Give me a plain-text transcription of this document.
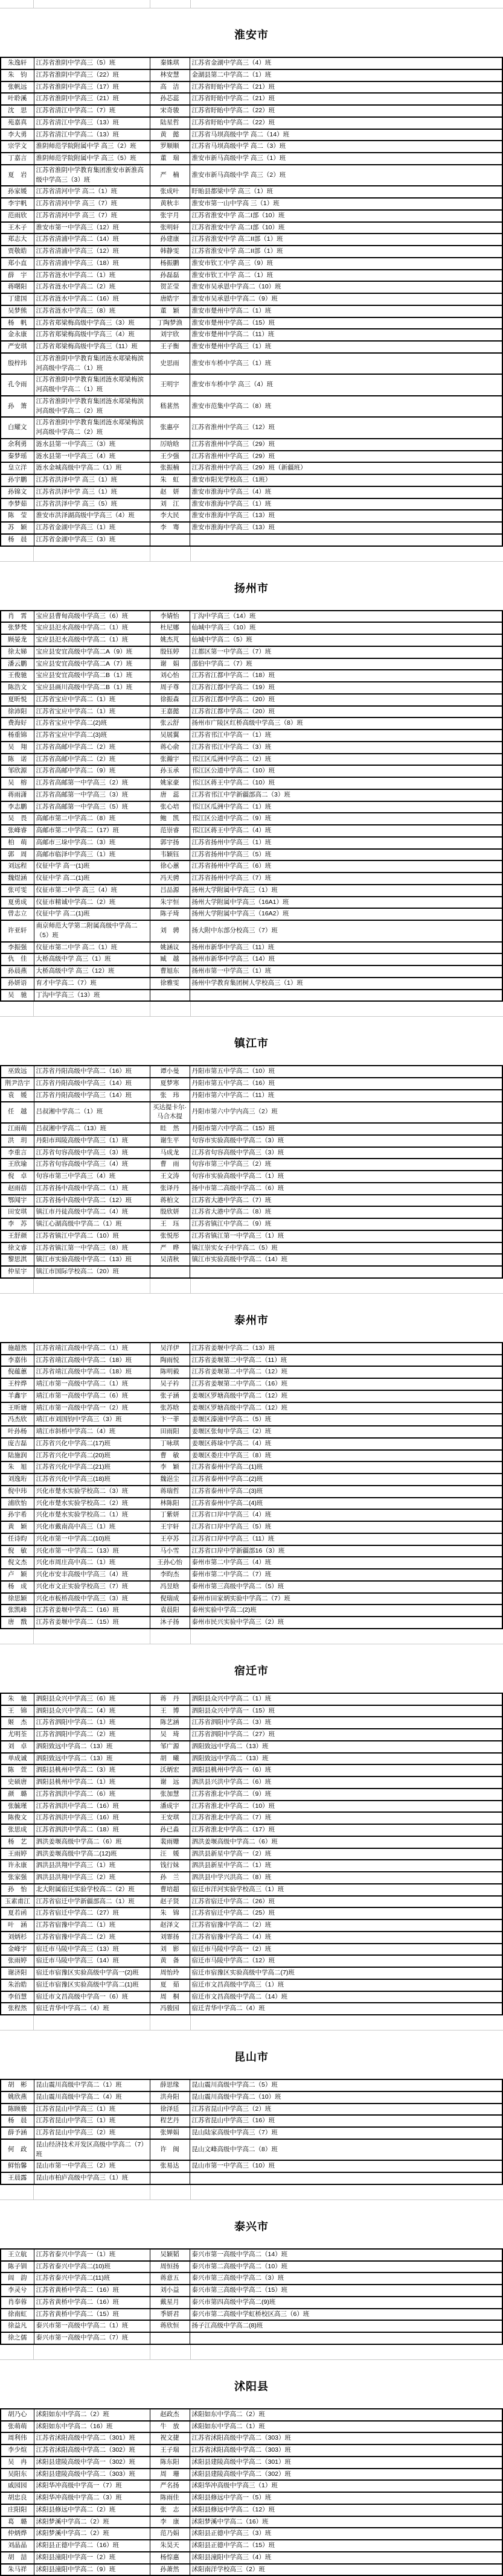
淮安市
朱逸轩	江苏省淮阴中学高三（5）班	秦姝琪	江苏省金湖中学高三（4）班
朱　钧	江苏省淮阴中学高三（22）班	林安慧	金湖县第二中学高二（1）班
张帆远	江苏省淮阴中学高三（17）班	高　洁	江苏省盱眙中学高二（21）班
叶聆溪	江苏省淮阴中学高三（21）班	孙芯蕊	江苏省盱眙中学高二（21）班
沈　思	江苏省清江中学高二（7）班	宋奇骏	江苏省盱眙中学高二（22）班
苑嘉真	江苏省清江中学高三（13）班	陆星哲	江苏省盱眙中学高二（22）班
李大勇	江苏省清江中学高二（13）班	黄　懿	江苏省马坝高级中学 高二（14）班
宗学文	淮阴师范学院附属中学 高三（2）班	罗顺顺	江苏省马坝高级中学 高二（3）班
丁嘉言	淮阴师范学院附属中学 高三（5）班	董　瑞	淮安市新马高级中学 高三（1）班
夏　岩	江苏省淮阴中学教育集团淮安市新淮高级中学高三（3）班	严　楠	淮安市新马高级中学 高三（2）班
孙家媛	江苏省清河中学 高二（1）班	张成叶	盱眙县都梁中学 高三（1）班
李宇帆	江苏省清河中学 高三（7）班	黄秋丰	淮安市第一山中学高 三（1）班
范雨欣	江苏省清河中学 高三（7）班	张宇月	江苏省淮安中学 高二I部（10）班
王木子	淮安市第一中学高三（12）班	张明轩	江苏省淮安中学 高二I部（10）班
郑志大	江苏省清浦中学高二（14）班	孙建康	江苏省淮安中学 高二II部（1）班
贾敬皓	江苏省清浦中学高三（12）班	韩静雯	江苏省淮安中学 高二II部（1）班
郑小直	江苏省清浦中学高三（18）班	杨振鹏	淮安市钦工中学 高三（9）班
薛　宇	江苏省涟水中学高二（1）班	孙磊磊	淮安市钦工中学 高二（1）班
蒋曙阳	江苏省涟水中学高二（2）班	贺芷莹	淮安市吴承恩中学高二（10）班
丁建国	江苏省涟水中学高二（16）班	唐皓宇	淮安市吴承恩中学高二（9）班
吴梦熊	江苏省涟水中学高三（8）班	董　颖	淮安市楚州中学高二（1）班
杨　帆	江苏省郑梁梅高级中学高三（3）班	丁陶梦渔	淮安市楚州中学高二（15）班
金永康	江苏省郑梁梅高级中学高三（4）班	刘宇欣	淮安市楚州中学高二（11）班
严安琪	江苏省郑梁梅高级中学高三（11）班	王子衡	淮安市楚州中学高三（1）班
殷梓玮	江苏省淮阴中学教育集团涟水郑梁梅滨河高级中学高二（1）班	史思雨	淮安市车桥中学高三（1）班
孔令雨	江苏省淮阴中学教育集团涟水郑梁梅滨河高级中学高二（1）班	王明宇	淮安市车桥中学 高三（4）班
孙　箫	江苏省淮阴中学教育集团涟水郑梁梅滨河高级中学高二（2）班	嵇葚然	淮安市范集中学高二（8）班
白耀文	江苏省淮阴中学教育集团涟水郑梁梅滨河高级中学高二（2）班	张惠亭	江苏省淮州中学高三（12）班
余利勇	涟水县第一中学高三（3）班	厉晗晗	江苏省淮州中学高三（29）班
秦梦瑶	涟水县第一中学高三（4）班	王少强	江苏省淮州中学高三（29）班
皇立洋	涟水金城高级中学高二（1）班	张振楠	江苏省淮州中学高三（29）班（新疆班）
孙宇鹏	江苏省洪泽中学 高三（1）班	朱　虹	淮安市阳光学校高三（1班）
孙锦文	江苏省洪泽中学 高三（1）班	赵　妍	淮安市淮海中学高三（4）班
李梦茹	江苏省洪泽中学 高三（5）班	刘　江	淮安市淮海中学高三（1）班
陈　莹	淮安市洪泽湖高级中学高三（4）班	李大民	淮安市淮海中学高三（13）班
苏　颖	江苏省金湖中学高三（1）班	李　骞	淮安市淮海中学高三（13）班
杨　晨	江苏省金湖中学高三（3）班		
扬州市
肖　霄	宝应县曹甸高级中学高三（6）班	李婧怡	丁沟中学高三（14）班
张梦梵	宝应县氾水高级中学高二（1）班	杜尼娜	仙城中学高三（10）班
顾晏龙	宝应县氾水高级中学高二（1）班	姚杰芃	仙城中学高二（5）班
徐太娣	宝应县安宜高级中学高二A（9）班	殷钰婷	江都区第一中学高三（7）班
潘云鹏	宝应县安宜高级中学高二A（7）班	谢　娟	邵伯中学高二（7）班
王俊驰	宝应县安宜高级中学高二B（1）班	刘心怡	江苏省江都中学高二（18）班
陈浩文	宝应县画川高级中学高二B（1）班	周子尊	江苏省江都中学高二（19）班
夏昕悦	江苏省宝应中学高二（1）班	徐振森	江苏省江都中学高二（20）班
徐沛阳	江苏省宝应中学高二（1）班	王嘉懿	江苏省江都中学高二（20）班
费海好	江苏省宝应中学高二(2)班	张云舒	扬州市广陵区红桥高级中学高三（8）班
杨重锦	江苏省宝应中学高二(3)班	吴展翼	江苏省邗江中学高一（1）班
吴　翔	江苏省高邮中学高二（2）班	蒋心俞	江苏省邗江中学高二（3）班
陈　诺	江苏省高邮中学高二（2）班	张瀚宇	邗江区瓜洲中学高二（2）班
邹欣源	江苏省高邮中学高二（9）班	孙玉承	邗江区公道中学高二（10）班
吴　榕	江苏省高邮第一中学高三（2）班	姚家豪	邗江区蒋王中学高二（10）班
蒋雨潇	江苏省高邮第一中学高三（3）班	唐　蕊	江苏省邗江中学新疆部高二（3）班
李志鹏	江苏省高邮第一中学高三（5）班	张心培	邗江区瓜洲中学高二（1）班
吴　畏	高邮市第二中学高二（8）班	鲍　凯	邗江区公道中学高二（9）班
张峰睿	高邮市第二中学高二（17）班	范崇睿	邗江区蒋王中学高二（4）班
柏　萌	高邮市三垛中学高二（3）班	郭宇扬	江苏省扬州中学高三（1）班
郭　周	高邮市临泽中学高三（1）班	韦颖钰	江苏省扬州中学高三（5）班
刘远程	仪征中学 高一(1)班	徐心蕙	江苏省扬州中学高三（6）班
魏煜涵	仪征中学 高二(1)班	冯天骋	江苏省扬州中学高三（7）班
张可雯	仪征市第二中学 高三（4）班	吕品源	扬州大学附属中学高三（1）班
夏勇成	仪征市精诚中学高二（2）班	朱宇恒	扬州大学附属中学高三（16A1）班
曾志立	仪征中学 高二(1)班	陈子琦	扬州大学附属中学高三（16A2）班
许亚轩	南京师范大学第二附属高级中学高二（5）班	刘　骋	扬大附中东部分校高三（7）班
李振强	仪征市第二中学 高二（1）班	姚涵议	扬州市新华中学高三（11）班
仇　佳	大桥高级中学 高三（1）班	臧　越	扬州市新华中学高三（14）班
孙晨燕	大桥高级中学 高三（12）班	曹旭东	扬州市第一中学高三（1）班
孙妍语	育才中学高二（7）班	徐雅雯	扬州中学教育集团树人学校高三（1）班
吴　驰	丁沟中学高三（13）班		
镇江市
巫致远	江苏省丹阳高级中学高二（16）班	谭小曼	丹阳市第五中学高二（10）班
荆尹浩宇	江苏省丹阳高级中学高三（14）班	夏梦寒	丹阳市第五中学高二（16）班
袁　媛	江苏省丹阳高级中学高三（14）班	张　玮	丹阳市第六中学高二（11）班
任　越	吕叔湘中学高二（1）班	买达提卡尔·马合木提	丹阳市第六中学内高三（2）班
江雨萌	吕叔湘中学高二（13）班	眭　然	丹阳市第六中学高二（15）班
洪　玥	丹阳市珥陵高级中学高三（1）班	谢生平	句容市实验高级中学高二（3）班
李重言	江苏省句容高级中学高三（3）班	马成龙	江苏省句容高级中学高三（3）班
王欣瑜	江苏省句容高级中学高三（4）班	曹　雨	句容市第三中学高三（2）班
倪　卓	句容市第三中学高三（4）班	王文涛	句容市实验高级中学高二（1）班
赵雨蓓	江苏省扬中高级中学高二（1）班	张译丹	扬中市第二高级中学高二（6）班
鄂闻宇	江苏省扬中高级中学高二（12）班	蒋柏文	江苏省大港中学高二（7）班
田安琪	镇江市丹徒高级中学高二（4）班	殷欣妍	江苏省大港中学高二（8）班
李　苏	镇江心湖高级中学高二（1）班	王　珏	江苏省镇江中学高二（9）班
王舒颜	江苏省镇江中学高二（10）班	张悦彤	江苏省镇江第一中学高三（1）班
徐文睿	江苏省镇江第一中学高三（8）班	严　晔	镇江崇实女子中学高二（5）班
黎思淇	镇江市实验高级中学高二（13）班	吴清秋	镇江市实验高级中学高二（14）班
仲星宇	镇江市国际学校高二（20）班		
泰州市
施超然	江苏省靖江高级中学高二（1）班	吴洋伊	江苏省姜堰中学高二（13）班
李嘉伟	江苏省靖江高级中学高二（18）班	陶雨悦	江苏省姜堰第二中学高二（11）班
倪蕴蕙	江苏省靖江高级中学高二（18）班	陈明毅	江苏省姜堰第二中学高二（12）班
王梓烨	靖江市第一高级中学高二（1）班	吴子衿	江苏省姜堰第二中学高二（16）班
羊鑫宇	靖江市第一高级中学高二（6）班	张子涵	姜堰区罗塘高级中学高二（12）班
王昕瑭	靖江市第一高级中学高一（2）班	张苏晗	姜堰区罗塘高级中学高二（12）班
冯杰欣	靖江市刘国钧中学高三（3）班	卞一菲	姜堰区溱潼中学高二（5）班
叶孙杨	靖江市斜桥中学高二（4）班	田雨阳	姜堰区张甸中学高三（2）班
庞吉磊	江苏省兴化中学高二(17)班	丁咏琪	姜堰区蒋垛中学高二（4）班
陆施润	江苏省兴化中学高二(20)班	曹　敏	姜堰区娄庄中学高三（8）班
朱　旭	江苏省兴化中学高二(21)班	李　颖	江苏省泰州中学高二(1)班
刘逸珩	江苏省兴化中学高三(18)班	魏浥尘	江苏省泰州中学高二(2)班
倪中玮	兴化市楚水实验学校高二（3）班	蒋瑞哲	江苏省泰州中学高二(3)班
浦欣怡	兴化市楚水实验学校高二（2）班	林陈阳	江苏省泰州中学高二(4)班
孙宇希	兴化市楚水实验学校高二（1）班	丁紫妍	江苏省口岸中学高三（4）班
黄　颖	兴化市戴南高中高三（1）班	王宇轩	江苏省口岸中学高三（5）班
任诗昀	兴化市第一中学高二(10)班	王亭苏	江苏省口岸中学高三（11）班
倪　敏	兴化市第一中学高二（13）班	马小雪	江苏省口岸中学新疆部16（3）班
倪文杰	兴化市周庄高中高二（1）班	王孙心怡	泰州市第二中学高三（4）班
卢　颖	兴化市安丰高级中学高三（4）班	李昀杰	泰州市第二中学高二（7）班
杨　成	兴化市文正实验学校高三（7）班	冯昱晗	泰州市第三高级中学高二（5）班
徐思颖	兴化市板桥高级中学高三（3）班	倪瑞成	泰州市田家炳实验中学高二（7）班
张凯峰	江苏省姜堰中学高二（16）班	袁晨阳	泰州实验中学高二(2)班
唐　戬	江苏省姜堰中学高二（15）班	沐子扬	泰州市民兴实验中学高三（2）班
宿迁市
朱　驰	泗阳县众兴中学高三（6）班	蒋　丹	泗阳县众兴中学高二（1）班
王　锦	泗阳县众兴中学高二（4）班	王　博	泗阳县众兴中学高一（15）班
姬　杰	江苏省泗阳中学高二（1）班	陈艺涵	江苏省泗阳中学高二（3）班
尤明荃	江苏省泗阳中学高二（2）班	吴　琦	江苏省泗阳中学高二（27）班
刘　卓	泗阳致远中学高二（13）班	邹广源	泗阳致远中学高二（13）班
单成诚	泗阳致远中学高二（13）班	胡　曦	泗阳致远中学高二（13）班
陈　萱	泗阳县桃州中学高二（3）班	沃炳宏	泗阳县桃州中学高一（6）班
史硕唐	泗阳县桃州中学高二（1）班	谢　远	泗洪县兴洪中学高二（6）班
颜　璐	江苏省泗洪中学高二（6）班	张加慧	江苏省淮北中学高二（9）班
张毓瑾	江苏省泗洪中学高二（16）班	潘成宇	江苏省淮北中学高二（10）班
陈俊文	江苏省泗洪中学高三（16）班	王安琪	江苏省淮北中学高二（7）班
张思成	江苏省泗洪中学高二（18）班	孙已淼	江苏省淮北中学高二（17）班
杨　艺	泗洪姜堰高级中学高二（6）班	裴雨姗	泗洪姜堰高级中学高二（6）班
王雨婷	泗洪姜堰高级中学高二(12)班	汪　媛	泗洪县新星中学高一（2）班
许永康	泗洪县洪翔中学高三（1）班	钱行妹	泗洪县新星中学高二（1）班
张家强	泗洪县洪翔中学高三（2）班	孙　兰	泗洪县中学兴洪高二（8）班
孙　怡	北大附属宿迁实验学校高二（2）班	曹培超	宿迁市洋河实验学校高三（1）班
玉素甫江	江苏省宿迁中学新疆部高二（1）班	赵子贤	江苏省宿迁中学高二（26）班
夏若函	江苏省宿迁中学高二（27）班	朱　锦	江苏省宿迁中学高二（25）班
叶　涵	江苏省宿豫中学高二（1）班	赵泽文	江苏省宿豫中学高二（2）班
刘炳杉	江苏省宿豫中学高二（2）班	刘霏扬	江苏省宿豫中学高二（4）班
金峰宇	宿迁市马陵中学高三（13）班	刘　影	宿迁市马陵中学高一（2）班
张雨婷	宿迁市马陵中学高三（14）班	黄　备	宿迁市马陵中学高二（12）班
谢济阳	宿迁市宿豫区实验高级中学高一(2)班	周怡玲	宿迁市宿豫区实验高级中学高二(7)班
朱治皓	宿迁市宿豫区实验高级中学高二(1)班	夏　茹	宿迁市文昌高级中学高三（1）班
李佰慧	宿迁市文昌高级中学高一（6）班	周　桐	宿迁市文昌高级中学高二（14）班
张程然	宿迁青华中学高二（4）班	冯骏园	宿迁青华中学高二（4）班
昆山市
胡　彬	昆山震川高级中学高二（1）班	薛思缘	昆山震川高级中学高二（5）班
姚欣燕	昆山震川高级中学高二（4）班	洪舟阳	昆山震川高级中学高二（10）班
陈顾骏	江苏省昆山中学高三（1）班	徐泽廷	江苏省昆山中学高三（2）班
杨　晨	江苏省昆山中学高三（1）班	程艺丹	江苏省昆山中学高三（16）班
薛予涵	江苏省昆山中学高三（2）班	张婵娟	昆山陆家高级中学高三（7）班
何　政	昆山经济技术开发区高级中学高二（7）班	许　闽	昆山文峰高级中学高二（8）班
鲜怡馨	昆山市第一中学高三（2）班	张易达	昆山市第一中学高三（10）班
王晨露	昆山市柏庐高级中学高三（1）班		
泰兴市
王立航	江苏省泰兴中学高一（1）班	吴颖韬	泰兴市第一高级中学高二（14）班
陈子钏	江苏省泰兴中学高二(10)班	周恒扬	泰兴市第二高级中学高二（10）班
闾　韵	江苏省泰兴中学高二(11)班	蒋意五	泰兴市第三高级中学高二（3）班
李灵兮	江苏省黄桥中学高二（16）班	刘小益	泰兴市第三高级中学高二（15）班
肖奉蓉	江苏省黄桥中学高二（16）班	戴星月	泰兴市第四高级中学高二(9)班
徐南虹	江苏省黄桥中学高二（15）班	季妍君	泰兴市第二高级中学虹桥校区高三（6）班
徐益凡	泰兴市第一高级中学高二（1）班	蒋欣恒	扬子江高级中学高二(8)班
徐之儒	泰兴市第一高级中学高二（7）班		
沭阳县
胡乃心	沭阳如东中学高二（2）班	赵政杰	沭阳如东中学高二（2）班
张萌萌	沭阳如东中学高二（16）班	牛　放	沭阳如东中学高二（1）班
周利伟	江苏省沭阳高级中学高二（301）班	祝文捷	江苏省沭阳高级中学高二（303）班
李少煊	江苏省沭阳高级中学高二（302）班	王子瑞	江苏省沭阳高级中学高二（303）班
吴　冉	沭阳县建陵高级中学高一（302）班	陈东阳	沭阳县建陵高级中学高二（301）班
吴阳东	沭阳县建陵高级中学高二（303）班	周　珊	沭阳县建陵高级中学高二（302）班
戚园园	沭阳华冲高级中学高一（7）班	严名扬	沭阳华冲高级中学高三（1）班
胡忠良	沭阳华冲高级中学高二（3）班	陈雨佳	沭阳县修远中学高一（5）班
庄阳阳	沭阳县修远中学高二（2）班	张　志	沭阳县修远中学高二（12）班
葛　璐	沭阳梦溪中学高二（2）班	李　康	沭阳梦溪中学高二（16）班
仲炳烨	沭阳梦溪中学高二（2）班	范乃娟	沭阳县正德中学高三（3）班
刘晶晶	沭阳县正德中学高二（16）班	朱昊天	沭阳县正德中学高二（15）班
胡　喆	沭阳县潼阳中学高一（2）班	杨悰惠	沭阳县潼阳中学高三（4）班
朱马祥	沭阳县潼阳中学高二（9）班	孙萧然	沭阳南洋学校高三（2）班
